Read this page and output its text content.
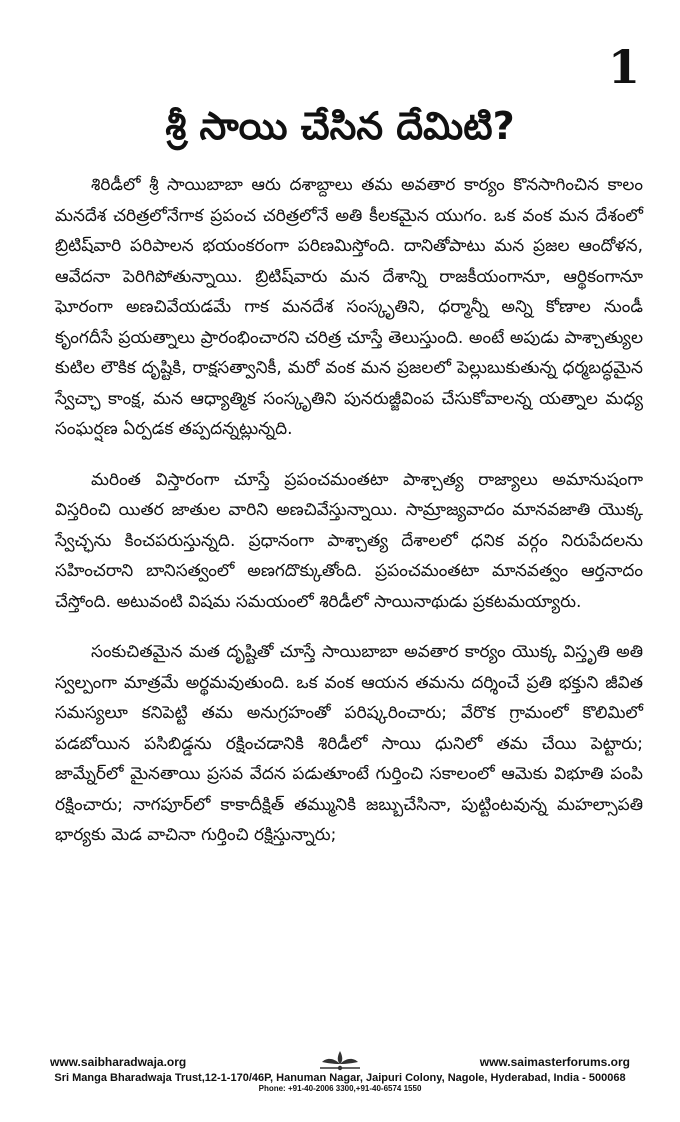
1
శ్రీ సాయి చేసిన దేమిటి?

శిరిడీలో శ్రీ సాయిబాబా ఆరు దశాబ్దాలు తమ అవతార కార్యం కొనసాగించిన కాలం మనదేశ చరిత్రలోనేగాక ప్రపంచ చరిత్రలోనే అతి కీలకమైన యుగం. ఒక వంక మన దేశంలో బ్రిటిష్‌వారి పరిపాలన భయంకరంగా పరిణమిస్తోంది. దానితోపాటు మన ప్రజల ఆందోళన, ఆవేదనా పెరిగిపోతున్నాయి. బ్రిటిష్‌వారు మన దేశాన్ని రాజకీయంగానూ, ఆర్థికంగానూ ఘోరంగా అణచివేయడమే గాక మనదేశ సంస్కృతిని, ధర్మాన్నీ అన్ని కోణాల నుండీ కృంగదీసే ప్రయత్నాలు ప్రారంభించారని చరిత్ర చూస్తే తెలుస్తుంది. అంటే అపుడు పాశ్చాత్యుల కుటిల లౌకిక దృష్టికి, రాక్షసత్వానికీ, మరో వంక మన ప్రజలలో పెల్లుబుకుతున్న ధర్మబద్ధమైన స్వేచ్ఛా కాంక్ష, మన ఆధ్యాత్మిక సంస్కృతిని పునరుజ్జీవింప చేసుకోవాలన్న యత్నాల మధ్య సంఘర్షణ ఏర్పడక తప్పదన్నట్లున్నది.

మరింత విస్తారంగా చూస్తే ప్రపంచమంతటా పాశ్చాత్య రాజ్యాలు అమానుషంగా విస్తరించి యితర జాతుల వారిని అణచివేస్తున్నాయి. సామ్రాజ్యవాదం మానవజాతి యొక్క స్వేచ్ఛను కించపరుస్తున్నది. ప్రధానంగా పాశ్చాత్య దేశాలలో ధనిక వర్గం నిరుపేదలను సహించరాని బానిసత్వంలో అణగదొక్కుతోంది. ప్రపంచమంతటా మానవత్వం ఆర్తనాదం చేస్తోంది. అటువంటి విషమ సమయంలో శిరిడీలో సాయినాథుడు ప్రకటమయ్యారు.

సంకుచితమైన మత దృష్టితో చూస్తే సాయిబాబా అవతార కార్యం యొక్క విస్తృతి అతి స్వల్పంగా మాత్రమే అర్థమవుతుంది. ఒక వంక ఆయన తమను దర్శించే ప్రతి భక్తుని జీవిత సమస్యలూ కనిపెట్టి తమ అనుగ్రహంతో పరిష్కరించారు; వేరొక గ్రామంలో కొలిమిలో పడబోయిన పసిబిడ్డను రక్షించడానికి శిరిడీలో సాయి ధునిలో తమ చేయి పెట్టారు; జామ్నేర్‌లో మైనతాయి ప్రసవ వేదన పడుతూంటే గుర్తించి సకాలంలో ఆమెకు విభూతి పంపి రక్షించారు; నాగపూర్‌లో కాకాదీక్షిత్ తమ్మునికి జబ్బుచేసినా, పుట్టింటవున్న మహల్సాపతి భార్యకు మెడ వాచినా గుర్తించి రక్షిస్తున్నారు;

www.saibharadwaja.org	www.saimasterforums.org
Sri Manga Bharadwaja Trust,12-1-170/46P, Hanuman Nagar, Jaipuri Colony, Nagole, Hyderabad, India - 500068
Phone: +91-40-2006 3300,+91-40-6574 1550
